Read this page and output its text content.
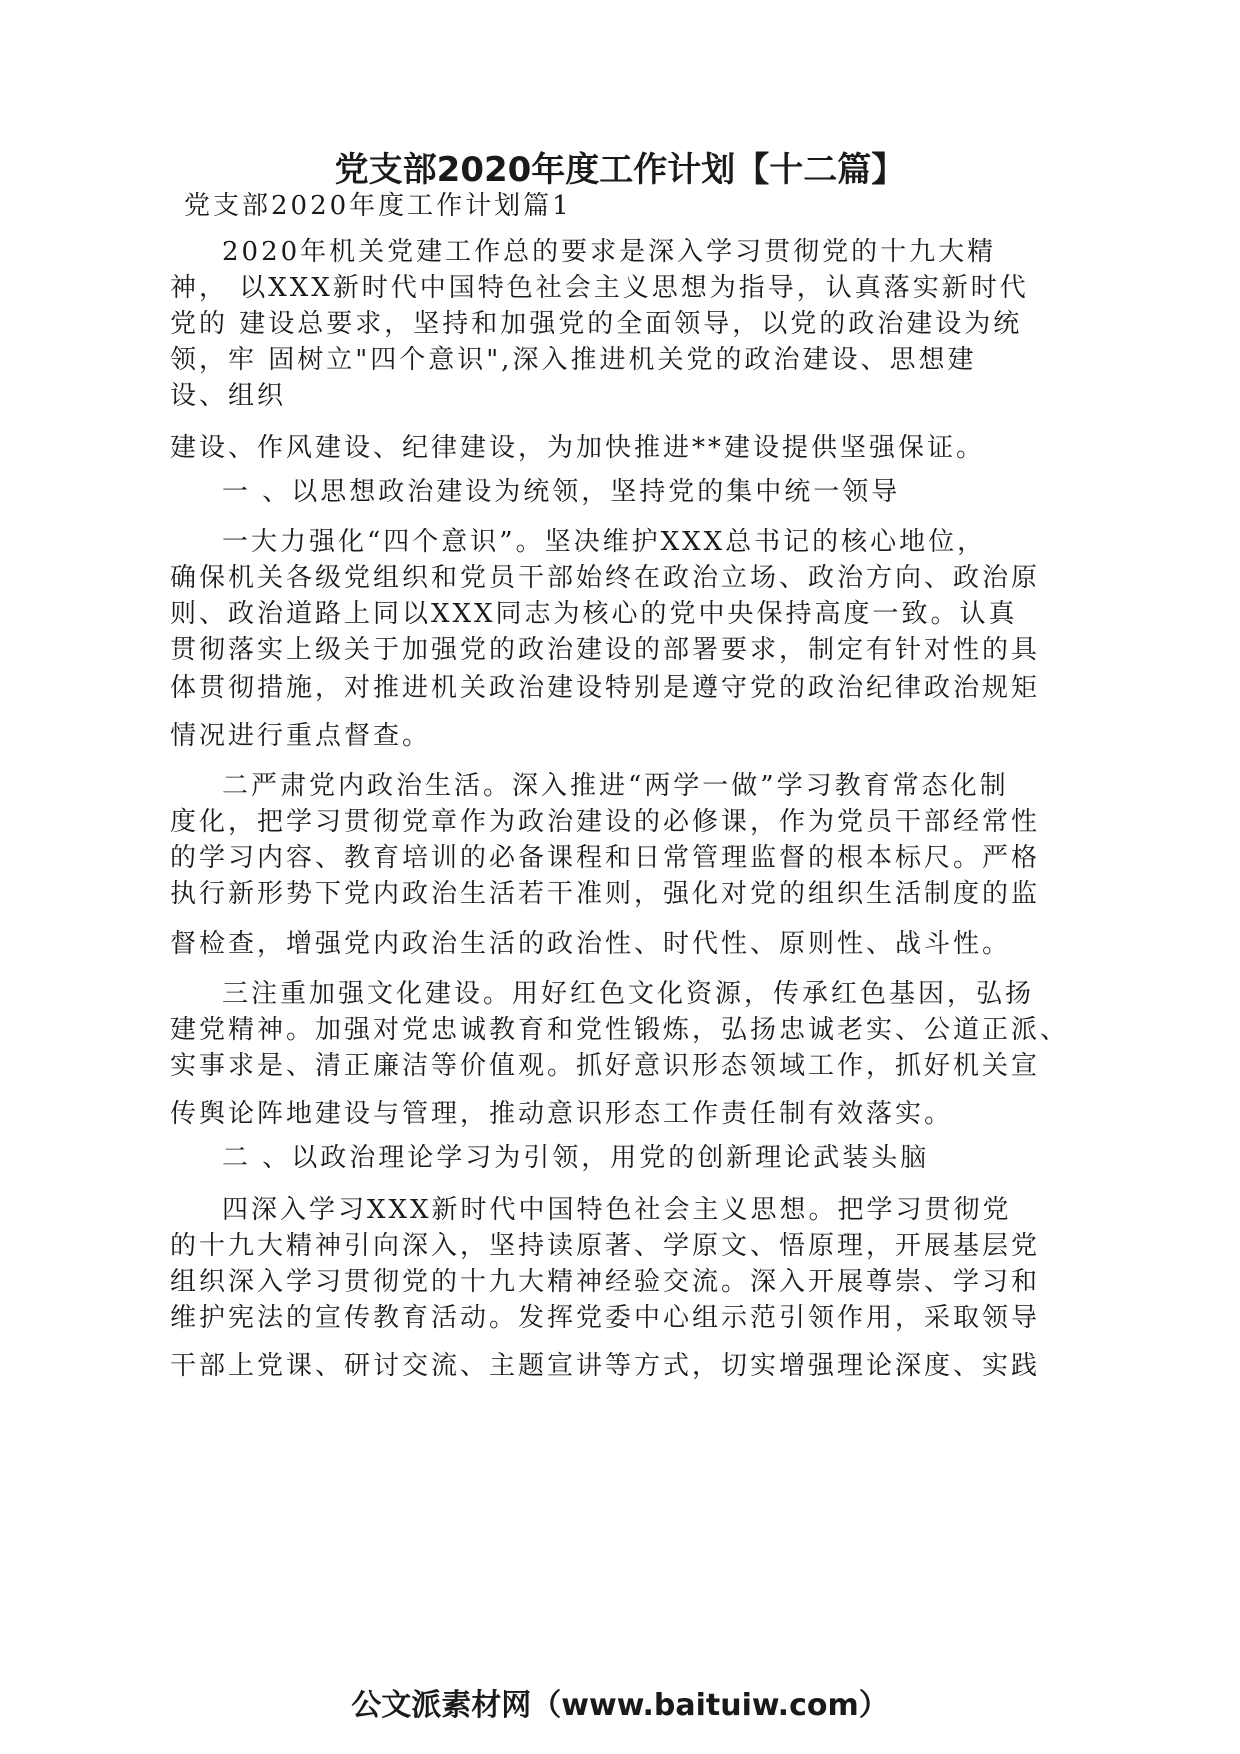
党支部2020年度工作计划【十二篇】
党支部2020年度工作计划篇1
2020年机关党建工作总的要求是深入学习贯彻党的十九大精
神， 以XXX新时代中国特色社会主义思想为指导，认真落实新时代
党的 建设总要求，坚持和加强党的全面领导，以党的政治建设为统
领，牢 固树立"四个意识",深入推进机关党的政治建设、思想建
设、组织
建设、作风建设、纪律建设，为加快推进**建设提供坚强保证。
一 、以思想政治建设为统领，坚持党的集中统一领导
一大力强化“四个意识”。坚决维护XXX总书记的核心地位，
确保机关各级党组织和党员干部始终在政治立场、政治方向、政治原
则、政治道路上同以XXX同志为核心的党中央保持高度一致。认真
贯彻落实上级关于加强党的政治建设的部署要求，制定有针对性的具
体贯彻措施，对推进机关政治建设特别是遵守党的政治纪律政治规矩
情况进行重点督查。
二严肃党内政治生活。深入推进“两学一做”学习教育常态化制
度化，把学习贯彻党章作为政治建设的必修课，作为党员干部经常性
的学习内容、教育培训的必备课程和日常管理监督的根本标尺。严格
执行新形势下党内政治生活若干准则，强化对党的组织生活制度的监
督检查，增强党内政治生活的政治性、时代性、原则性、战斗性。
三注重加强文化建设。用好红色文化资源，传承红色基因，弘扬
建党精神。加强对党忠诚教育和党性锻炼，弘扬忠诚老实、公道正派、
实事求是、清正廉洁等价值观。抓好意识形态领域工作，抓好机关宣
传舆论阵地建设与管理，推动意识形态工作责任制有效落实。
二 、以政治理论学习为引领，用党的创新理论武装头脑
四深入学习XXX新时代中国特色社会主义思想。把学习贯彻党
的十九大精神引向深入，坚持读原著、学原文、悟原理，开展基层党
组织深入学习贯彻党的十九大精神经验交流。深入开展尊崇、学习和
维护宪法的宣传教育活动。发挥党委中心组示范引领作用，采取领导
干部上党课、研讨交流、主题宣讲等方式，切实增强理论深度、实践
公文派素材网（www.baituiw.com）
